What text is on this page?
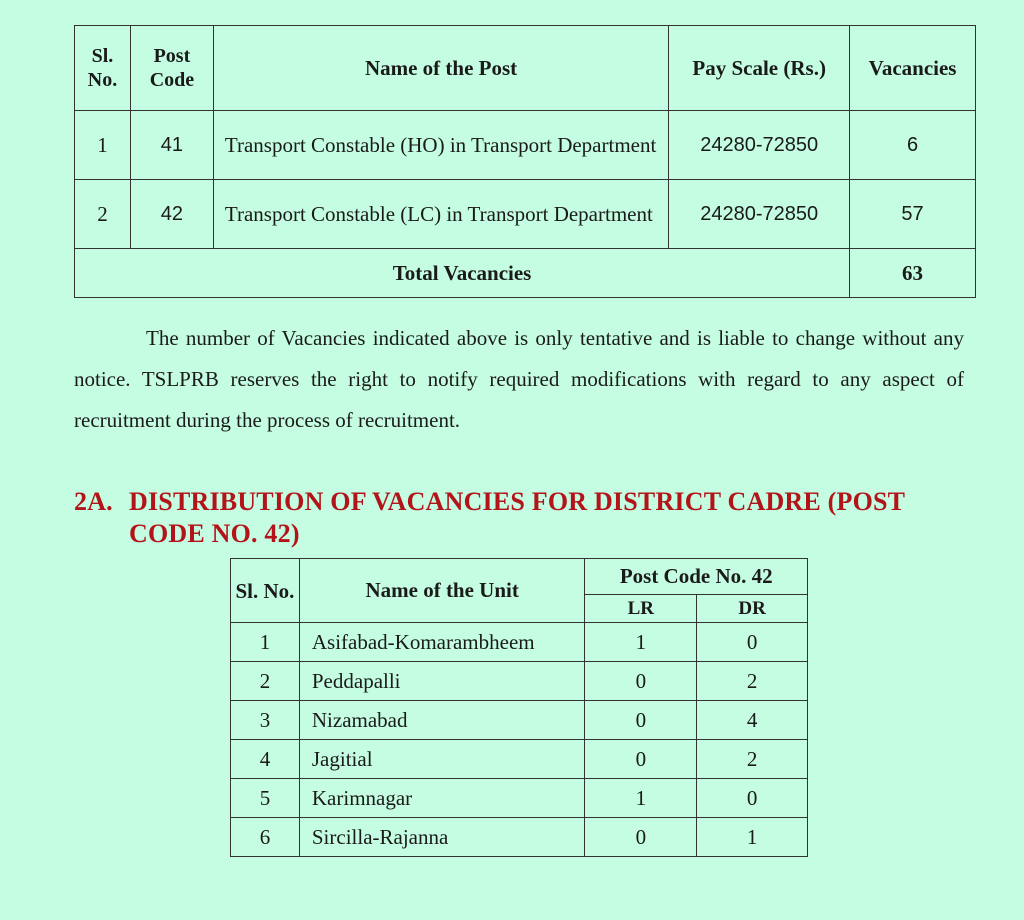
Sl. No.	Post Code	Name of the Post	Pay Scale (Rs.)	Vacancies
1	41	Transport Constable (HO) in Transport Department	24280-72850	6
2	42	Transport Constable (LC) in Transport Department	24280-72850	57
Total Vacancies				63

The number of Vacancies indicated above is only tentative and is liable to change without any notice. TSLPRB reserves the right to notify required modifications with regard to any aspect of recruitment during the process of recruitment.

2A. DISTRIBUTION OF VACANCIES FOR DISTRICT CADRE (POST CODE NO. 42)
Sl. No.	Name of the Unit	Post Code No. 42	
		LR	DR
1	Asifabad-Komarambheem	1	0
2	Peddapalli	0	2
3	Nizamabad	0	4
4	Jagitial	0	2
5	Karimnagar	1	0
6	Sircilla-Rajanna	0	1
